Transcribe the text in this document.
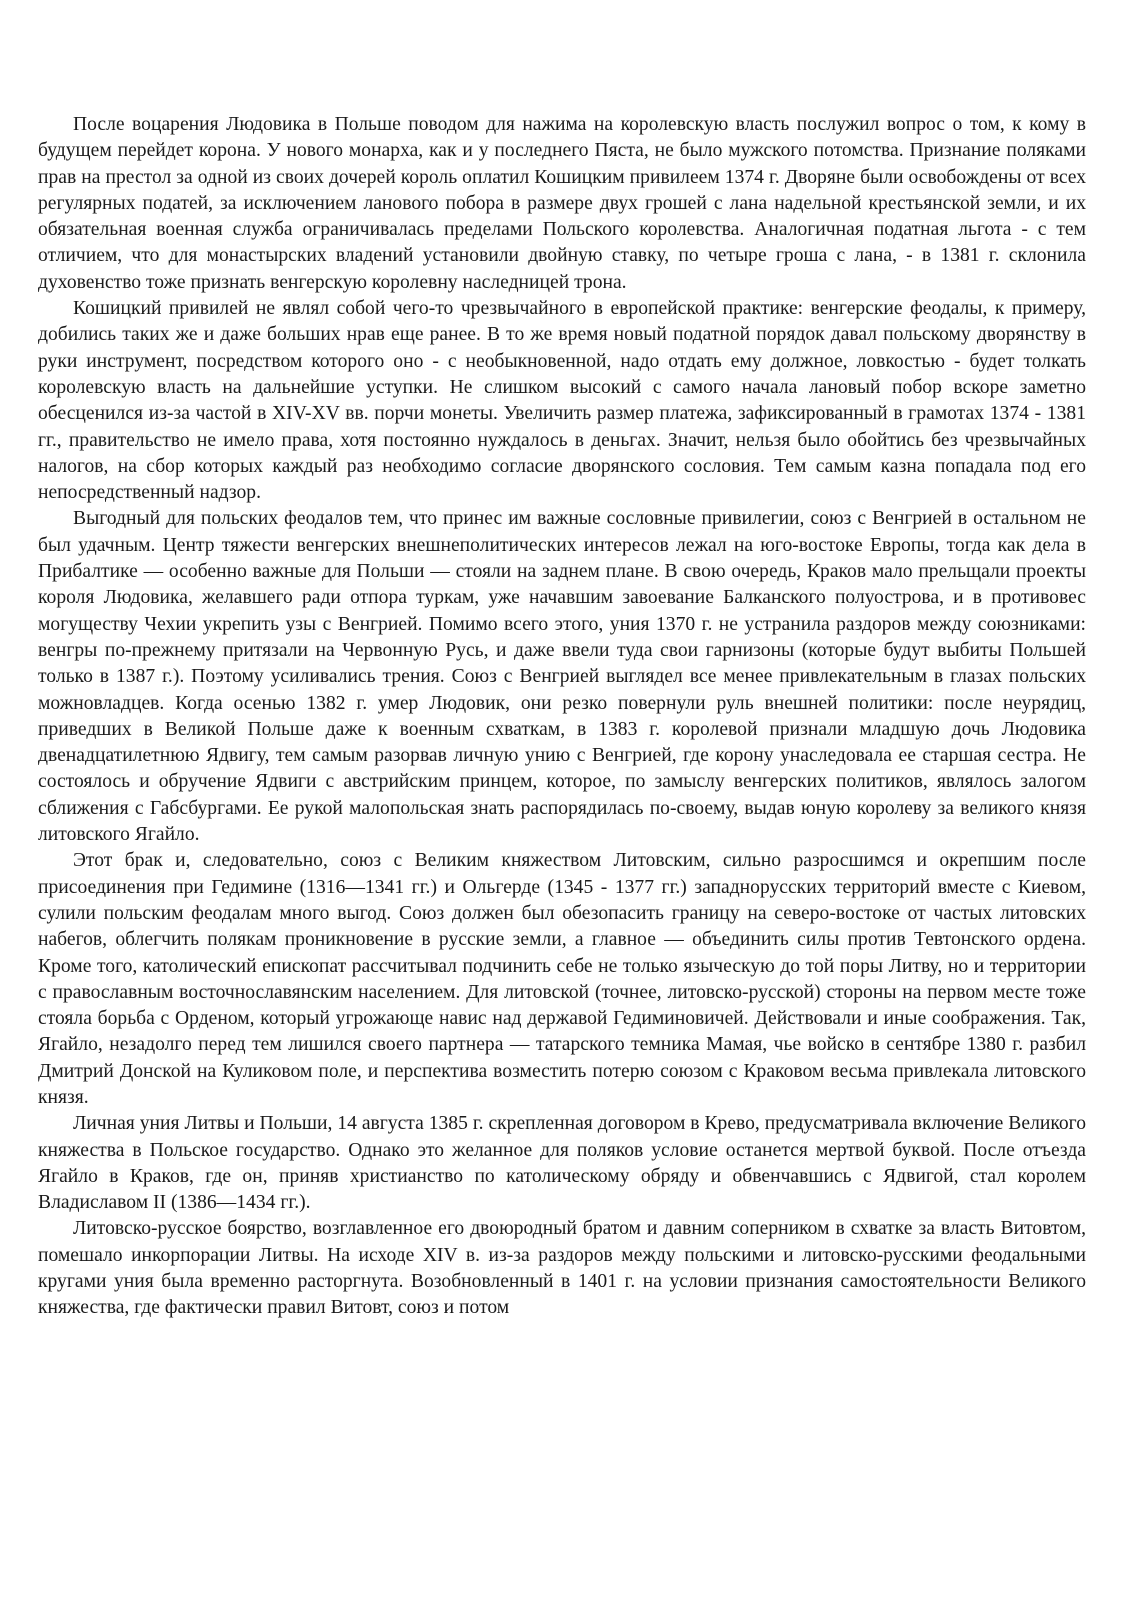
После воцарения Людовика в Польше поводом для нажима на королевскую власть послужил вопрос о том, к кому в будущем перейдет корона. У нового монарха, как и у последнего Пяста, не было мужского потомства. Признание поляками прав на престол за одной из своих дочерей король оплатил Кошицким привилеем 1374 г. Дворяне были освобождены от всех регулярных податей, за исключением ланового побора в размере двух грошей с лана надельной крестьянской земли, и их обязательная военная служба ограничивалась пределами Польского королевства. Аналогичная податная льгота - с тем отличием, что для монастырских владений установили двойную ставку, по четыре гроша с лана, - в 1381 г. склонила духовенство тоже признать венгерскую королевну наследницей трона.

Кошицкий привилей не являл собой чего-то чрезвычайного в европейской практике: венгерские феодалы, к примеру, добились таких же и даже больших нрав еще ранее. В то же время новый податной порядок давал польскому дворянству в руки инструмент, посредством которого оно - с необыкновенной, надо отдать ему должное, ловкостью - будет толкать королевскую власть на дальнейшие уступки. Не слишком высокий с самого начала лановый побор вскоре заметно обесценился из-за частой в XIV-XV вв. порчи монеты. Увеличить размер платежа, зафиксированный в грамотах 1374 - 1381 гг., правительство не имело права, хотя постоянно нуждалось в деньгах. Значит, нельзя было обойтись без чрезвычайных налогов, на сбор которых каждый раз необходимо согласие дворянского сословия. Тем самым казна попадала под его непосредственный надзор.

Выгодный для польских феодалов тем, что принес им важные сословные привилегии, союз с Венгрией в остальном не был удачным. Центр тяжести венгерских внешнеполитических интересов лежал на юго-востоке Европы, тогда как дела в Прибалтике — особенно важные для Польши — стояли на заднем плане. В свою очередь, Краков мало прельщали проекты короля Людовика, желавшего ради отпора туркам, уже начавшим завоевание Балканского полуострова, и в противовес могуществу Чехии укрепить узы с Венгрией. Помимо всего этого, уния 1370 г. не устранила раздоров между союзниками: венгры по-прежнему притязали на Червонную Русь, и даже ввели туда свои гарнизоны (которые будут выбиты Польшей только в 1387 г.). Поэтому усиливались трения. Союз с Венгрией выглядел все менее привлекательным в глазах польских можновладцев. Когда осенью 1382 г. умер Людовик, они резко повернули руль внешней политики: после неурядиц, приведших в Великой Польше даже к военным схваткам, в 1383 г. королевой признали младшую дочь Людовика двенадцатилетнюю Ядвигу, тем самым разорвав личную унию с Венгрией, где корону унаследовала ее старшая сестра. Не состоялось и обручение Ядвиги с австрийским принцем, которое, по замыслу венгерских политиков, являлось залогом сближения с Габсбургами. Ее рукой малопольская знать распорядилась по-своему, выдав юную королеву за великого князя литовского Ягайло.

Этот брак и, следовательно, союз с Великим княжеством Литовским, сильно разросшимся и окрепшим после присоединения при Гедимине (1316—1341 гг.) и Ольгерде (1345 - 1377 гг.) западнорусских территорий вместе с Киевом, сулили польским феодалам много выгод. Союз должен был обезопасить границу на северо-востоке от частых литовских набегов, облегчить полякам проникновение в русские земли, а главное — объединить силы против Тевтонского ордена. Кроме того, католический епископат рассчитывал подчинить себе не только языческую до той поры Литву, но и территории с православным восточнославянским населением. Для литовской (точнее, литовско-русской) стороны на первом месте тоже стояла борьба с Орденом, который угрожающе навис над державой Гедиминовичей. Действовали и иные соображения. Так, Ягайло, незадолго перед тем лишился своего партнера — татарского темника Мамая, чье войско в сентябре 1380 г. разбил Дмитрий Донской на Куликовом поле, и перспектива возместить потерю союзом с Краковом весьма привлекала литовского князя.

Личная уния Литвы и Польши, 14 августа 1385 г. скрепленная договором в Крево, предусматривала включение Великого княжества в Польское государство. Однако это желанное для поляков условие останется мертвой буквой. После отъезда Ягайло в Краков, где он, приняв христианство по католическому обряду и обвенчавшись с Ядвигой, стал королем Владиславом II (1386—1434 гг.).

Литовско-русское боярство, возглавленное его двоюродный братом и давним соперником в схватке за власть Витовтом, помешало инкорпорации Литвы. На исходе XIV в. из-за раздоров между польскими и литовско-русскими феодальными кругами уния была временно расторгнута. Возобновленный в 1401 г. на условии признания самостоятельности Великого княжества, где фактически правил Витовт, союз и потом
